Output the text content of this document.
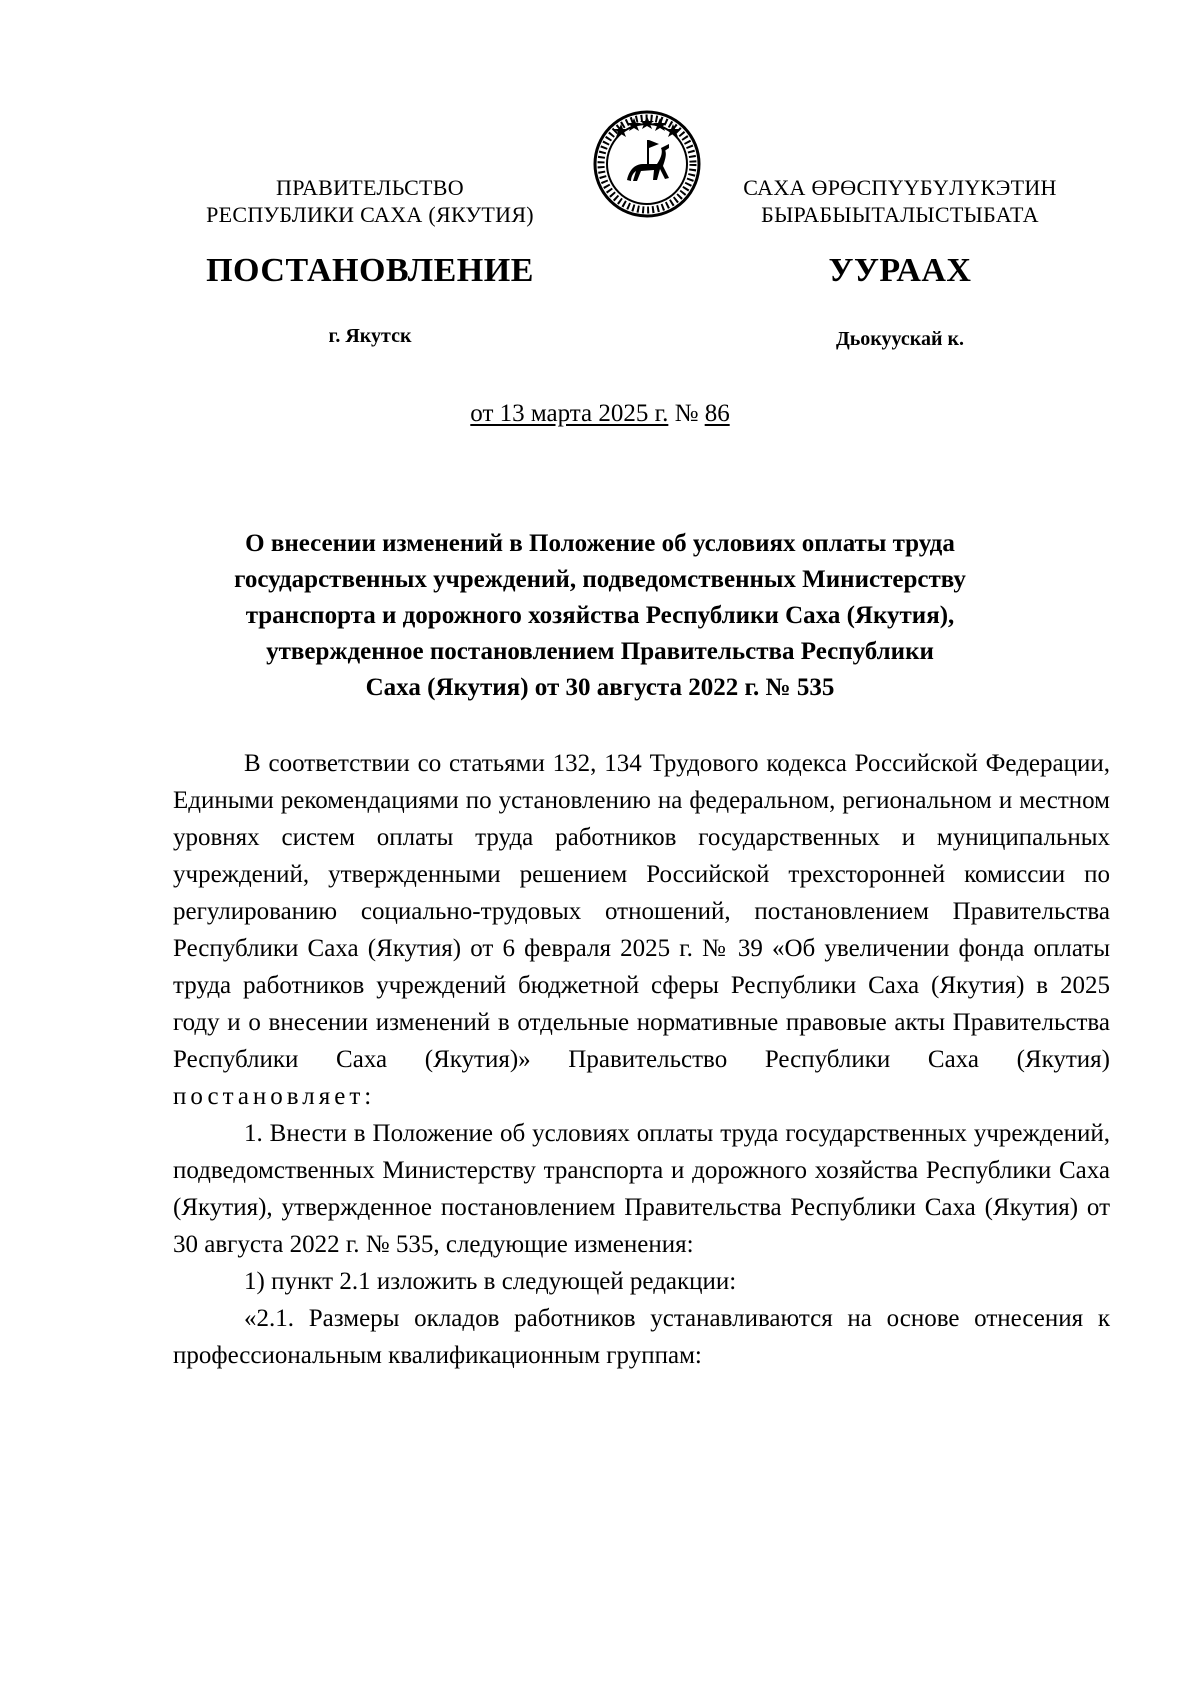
ПРАВИТЕЛЬСТВО
РЕСПУБЛИКИ САХА (ЯКУТИЯ)
САХА ӨРӨСПҮҮБҮЛҮКЭТИН
БЫРАБЫЫТАЛЫСТЫБАТА
ПОСТАНОВЛЕНИЕ	УУРААХ
г. Якутск	Дьокуускай к.
от 13 марта 2025 г. № 86
О внесении изменений в Положение об условиях оплаты труда
государственных учреждений, подведомственных Министерству
транспорта и дорожного хозяйства Республики Саха (Якутия),
утвержденное постановлением Правительства Республики
Саха (Якутия) от 30 августа 2022 г. № 535

В соответствии со статьями 132, 134 Трудового кодекса Российской Федерации, Едиными рекомендациями по установлению на федеральном, региональном и местном уровнях систем оплаты труда работников государственных и муниципальных учреждений, утвержденными решением Российской трехсторонней комиссии по регулированию социально-трудовых отношений, постановлением Правительства Республики Саха (Якутия) от 6 февраля 2025 г. № 39 «Об увеличении фонда оплаты труда работников учреждений бюджетной сферы Республики Саха (Якутия) в 2025 году и о внесении изменений в отдельные нормативные правовые акты Правительства Республики Саха (Якутия)» Правительство Республики Саха (Якутия) постановляет:

1. Внести в Положение об условиях оплаты труда государственных учреждений, подведомственных Министерству транспорта и дорожного хозяйства Республики Саха (Якутия), утвержденное постановлением Правительства Республики Саха (Якутия) от 30 августа 2022 г. № 535, следующие изменения:

1) пункт 2.1 изложить в следующей редакции:

«2.1. Размеры окладов работников устанавливаются на основе отнесения к профессиональным квалификационным группам:
